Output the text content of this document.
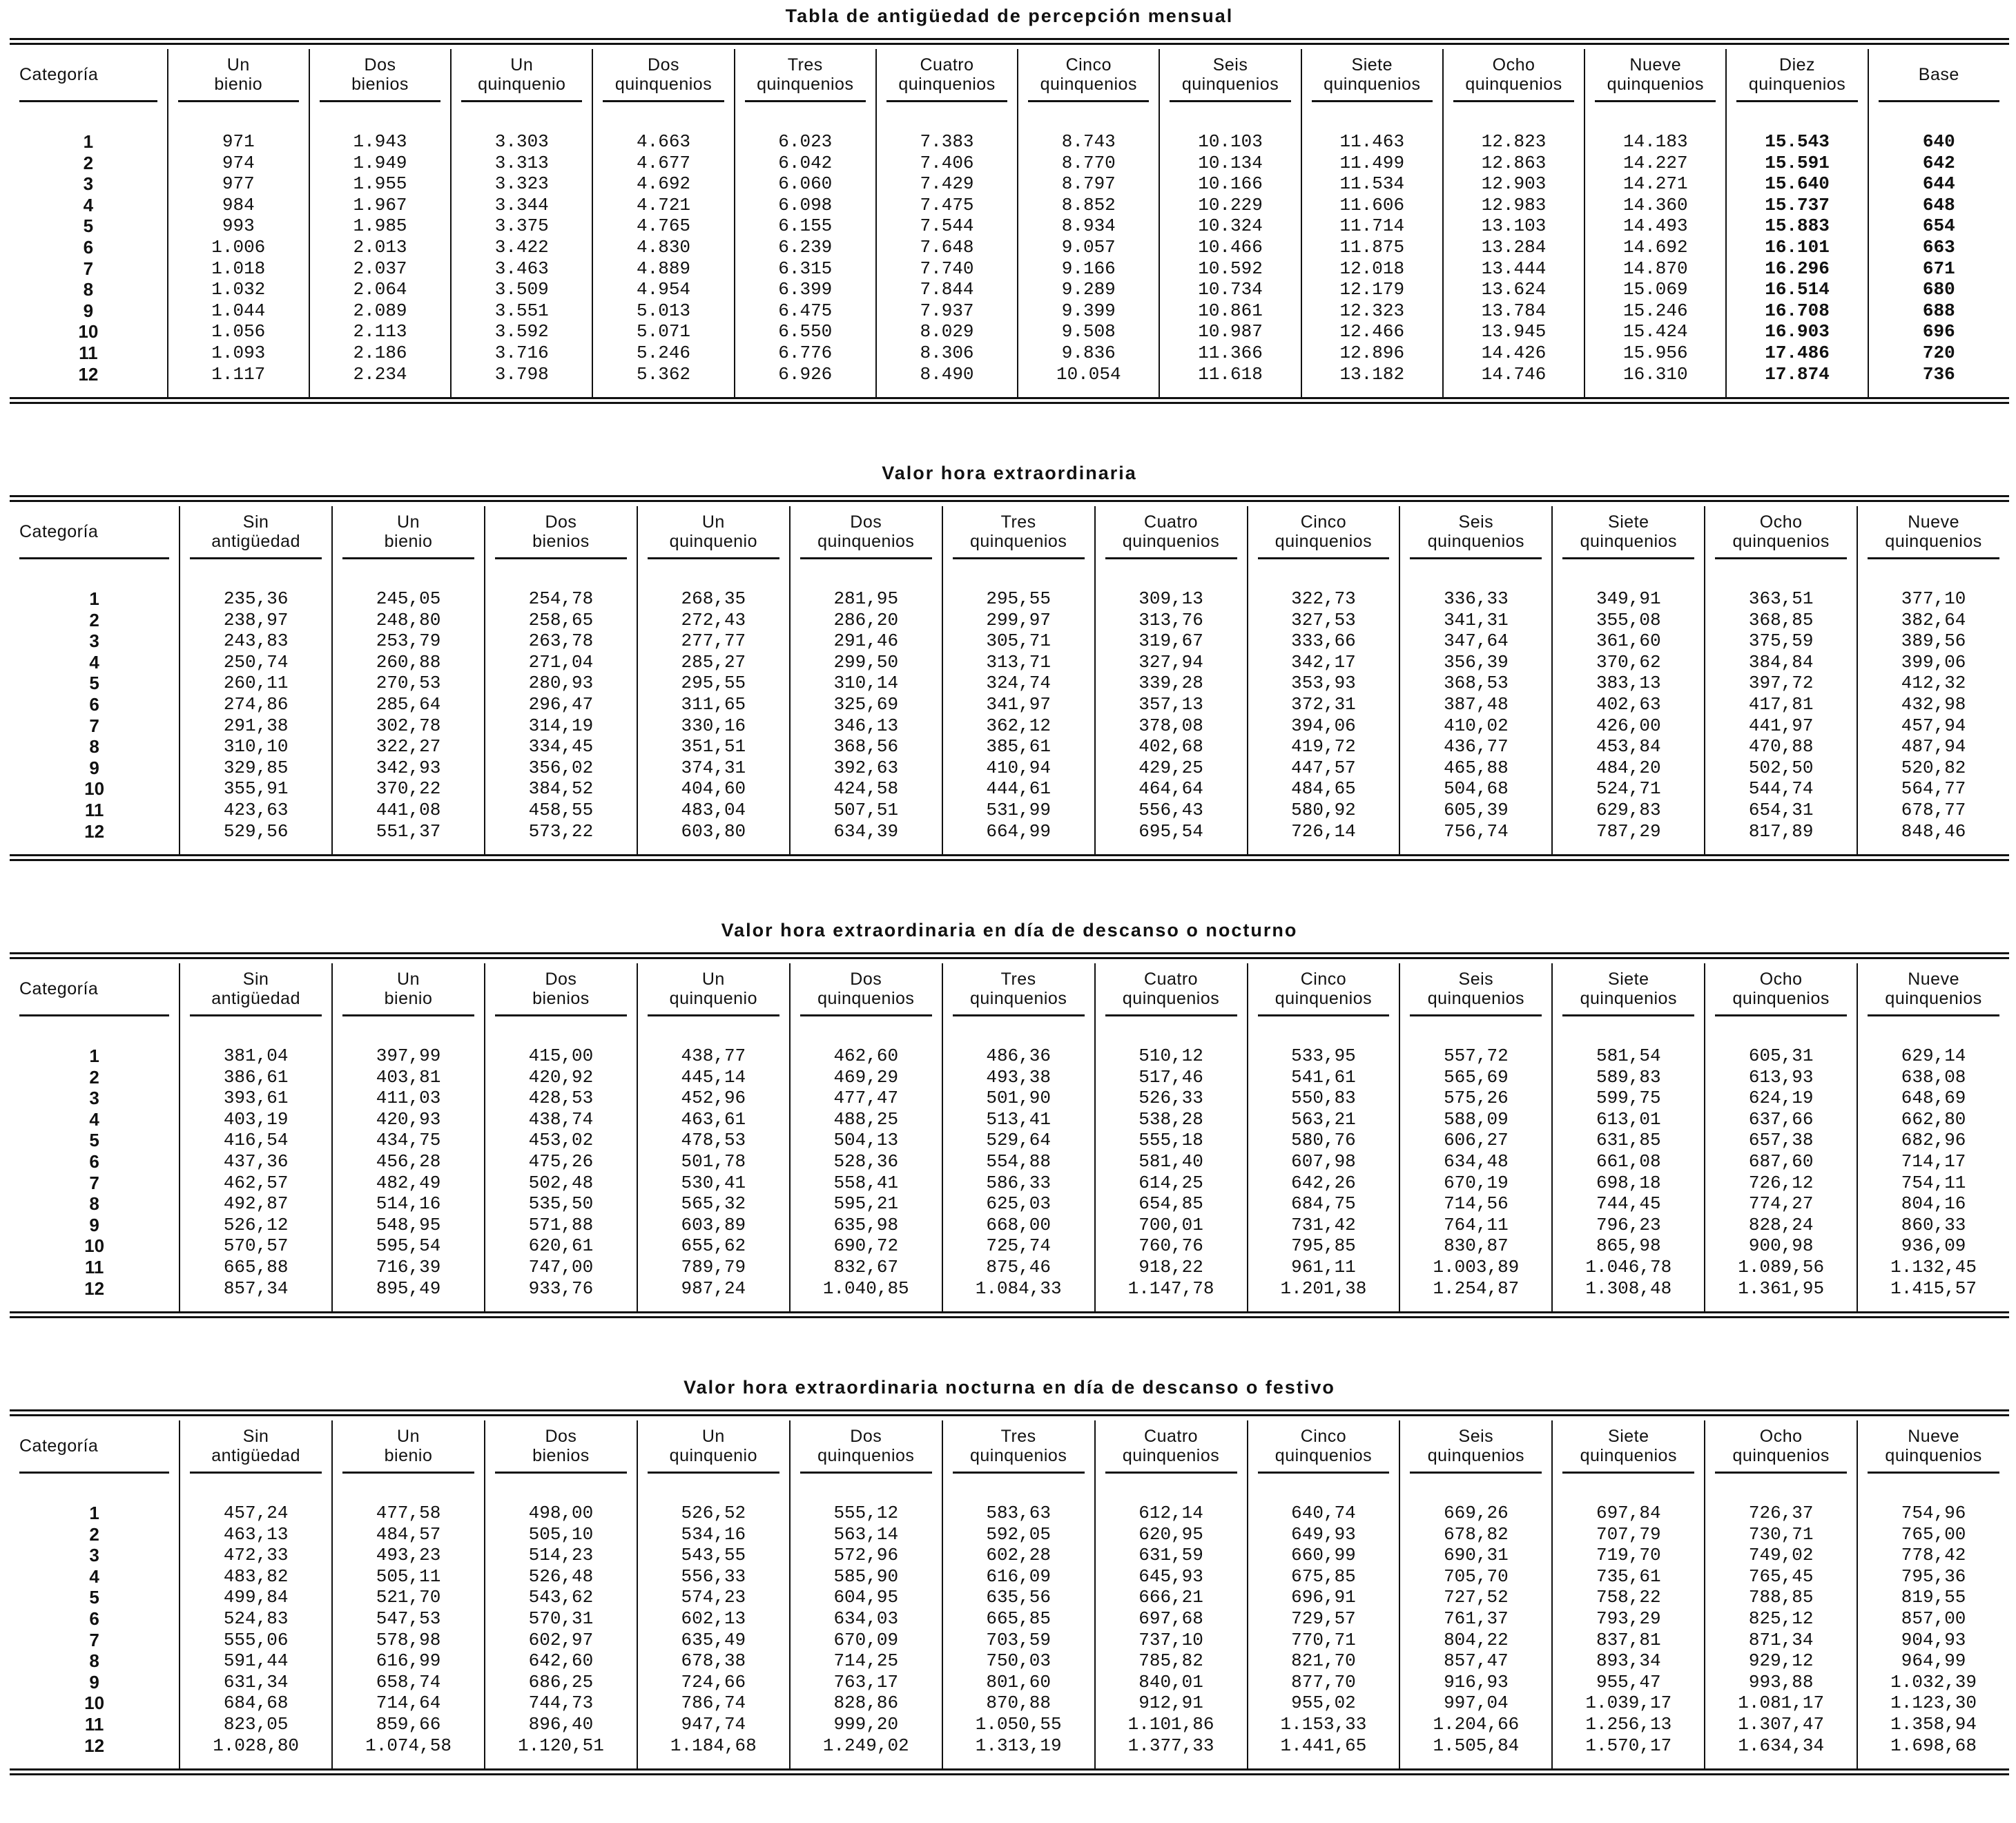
Tabla de antigüedad de percepción mensual
Categoría
1
2
3
4
5
6
7
8
9
10
11
12
Un
bienio
971
974
977
984
993
1.006
1.018
1.032
1.044
1.056
1.093
1.117
Dos
bienios
1.943
1.949
1.955
1.967
1.985
2.013
2.037
2.064
2.089
2.113
2.186
2.234
Un
quinquenio
3.303
3.313
3.323
3.344
3.375
3.422
3.463
3.509
3.551
3.592
3.716
3.798
Dos
quinquenios
4.663
4.677
4.692
4.721
4.765
4.830
4.889
4.954
5.013
5.071
5.246
5.362
Tres
quinquenios
6.023
6.042
6.060
6.098
6.155
6.239
6.315
6.399
6.475
6.550
6.776
6.926
Cuatro
quinquenios
7.383
7.406
7.429
7.475
7.544
7.648
7.740
7.844
7.937
8.029
8.306
8.490
Cinco
quinquenios
8.743
8.770
8.797
8.852
8.934
9.057
9.166
9.289
9.399
9.508
9.836
10.054
Seis
quinquenios
10.103
10.134
10.166
10.229
10.324
10.466
10.592
10.734
10.861
10.987
11.366
11.618
Siete
quinquenios
11.463
11.499
11.534
11.606
11.714
11.875
12.018
12.179
12.323
12.466
12.896
13.182
Ocho
quinquenios
12.823
12.863
12.903
12.983
13.103
13.284
13.444
13.624
13.784
13.945
14.426
14.746
Nueve
quinquenios
14.183
14.227
14.271
14.360
14.493
14.692
14.870
15.069
15.246
15.424
15.956
16.310
Diez
quinquenios
15.543
15.591
15.640
15.737
15.883
16.101
16.296
16.514
16.708
16.903
17.486
17.874
Base
640
642
644
648
654
663
671
680
688
696
720
736
Valor hora extraordinaria
Categoría
1
2
3
4
5
6
7
8
9
10
11
12
Sin
antigüedad
235,36
238,97
243,83
250,74
260,11
274,86
291,38
310,10
329,85
355,91
423,63
529,56
Un
bienio
245,05
248,80
253,79
260,88
270,53
285,64
302,78
322,27
342,93
370,22
441,08
551,37
Dos
bienios
254,78
258,65
263,78
271,04
280,93
296,47
314,19
334,45
356,02
384,52
458,55
573,22
Un
quinquenio
268,35
272,43
277,77
285,27
295,55
311,65
330,16
351,51
374,31
404,60
483,04
603,80
Dos
quinquenios
281,95
286,20
291,46
299,50
310,14
325,69
346,13
368,56
392,63
424,58
507,51
634,39
Tres
quinquenios
295,55
299,97
305,71
313,71
324,74
341,97
362,12
385,61
410,94
444,61
531,99
664,99
Cuatro
quinquenios
309,13
313,76
319,67
327,94
339,28
357,13
378,08
402,68
429,25
464,64
556,43
695,54
Cinco
quinquenios
322,73
327,53
333,66
342,17
353,93
372,31
394,06
419,72
447,57
484,65
580,92
726,14
Seis
quinquenios
336,33
341,31
347,64
356,39
368,53
387,48
410,02
436,77
465,88
504,68
605,39
756,74
Siete
quinquenios
349,91
355,08
361,60
370,62
383,13
402,63
426,00
453,84
484,20
524,71
629,83
787,29
Ocho
quinquenios
363,51
368,85
375,59
384,84
397,72
417,81
441,97
470,88
502,50
544,74
654,31
817,89
Nueve
quinquenios
377,10
382,64
389,56
399,06
412,32
432,98
457,94
487,94
520,82
564,77
678,77
848,46
Valor hora extraordinaria en día de descanso o nocturno
Categoría
1
2
3
4
5
6
7
8
9
10
11
12
Sin
antigüedad
381,04
386,61
393,61
403,19
416,54
437,36
462,57
492,87
526,12
570,57
665,88
857,34
Un
bienio
397,99
403,81
411,03
420,93
434,75
456,28
482,49
514,16
548,95
595,54
716,39
895,49
Dos
bienios
415,00
420,92
428,53
438,74
453,02
475,26
502,48
535,50
571,88
620,61
747,00
933,76
Un
quinquenio
438,77
445,14
452,96
463,61
478,53
501,78
530,41
565,32
603,89
655,62
789,79
987,24
Dos
quinquenios
462,60
469,29
477,47
488,25
504,13
528,36
558,41
595,21
635,98
690,72
832,67
1.040,85
Tres
quinquenios
486,36
493,38
501,90
513,41
529,64
554,88
586,33
625,03
668,00
725,74
875,46
1.084,33
Cuatro
quinquenios
510,12
517,46
526,33
538,28
555,18
581,40
614,25
654,85
700,01
760,76
918,22
1.147,78
Cinco
quinquenios
533,95
541,61
550,83
563,21
580,76
607,98
642,26
684,75
731,42
795,85
961,11
1.201,38
Seis
quinquenios
557,72
565,69
575,26
588,09
606,27
634,48
670,19
714,56
764,11
830,87
1.003,89
1.254,87
Siete
quinquenios
581,54
589,83
599,75
613,01
631,85
661,08
698,18
744,45
796,23
865,98
1.046,78
1.308,48
Ocho
quinquenios
605,31
613,93
624,19
637,66
657,38
687,60
726,12
774,27
828,24
900,98
1.089,56
1.361,95
Nueve
quinquenios
629,14
638,08
648,69
662,80
682,96
714,17
754,11
804,16
860,33
936,09
1.132,45
1.415,57
Valor hora extraordinaria nocturna en día de descanso o festivo
Categoría
1
2
3
4
5
6
7
8
9
10
11
12
Sin
antigüedad
457,24
463,13
472,33
483,82
499,84
524,83
555,06
591,44
631,34
684,68
823,05
1.028,80
Un
bienio
477,58
484,57
493,23
505,11
521,70
547,53
578,98
616,99
658,74
714,64
859,66
1.074,58
Dos
bienios
498,00
505,10
514,23
526,48
543,62
570,31
602,97
642,60
686,25
744,73
896,40
1.120,51
Un
quinquenio
526,52
534,16
543,55
556,33
574,23
602,13
635,49
678,38
724,66
786,74
947,74
1.184,68
Dos
quinquenios
555,12
563,14
572,96
585,90
604,95
634,03
670,09
714,25
763,17
828,86
999,20
1.249,02
Tres
quinquenios
583,63
592,05
602,28
616,09
635,56
665,85
703,59
750,03
801,60
870,88
1.050,55
1.313,19
Cuatro
quinquenios
612,14
620,95
631,59
645,93
666,21
697,68
737,10
785,82
840,01
912,91
1.101,86
1.377,33
Cinco
quinquenios
640,74
649,93
660,99
675,85
696,91
729,57
770,71
821,70
877,70
955,02
1.153,33
1.441,65
Seis
quinquenios
669,26
678,82
690,31
705,70
727,52
761,37
804,22
857,47
916,93
997,04
1.204,66
1.505,84
Siete
quinquenios
697,84
707,79
719,70
735,61
758,22
793,29
837,81
893,34
955,47
1.039,17
1.256,13
1.570,17
Ocho
quinquenios
726,37
730,71
749,02
765,45
788,85
825,12
871,34
929,12
993,88
1.081,17
1.307,47
1.634,34
Nueve
quinquenios
754,96
765,00
778,42
795,36
819,55
857,00
904,93
964,99
1.032,39
1.123,30
1.358,94
1.698,68
